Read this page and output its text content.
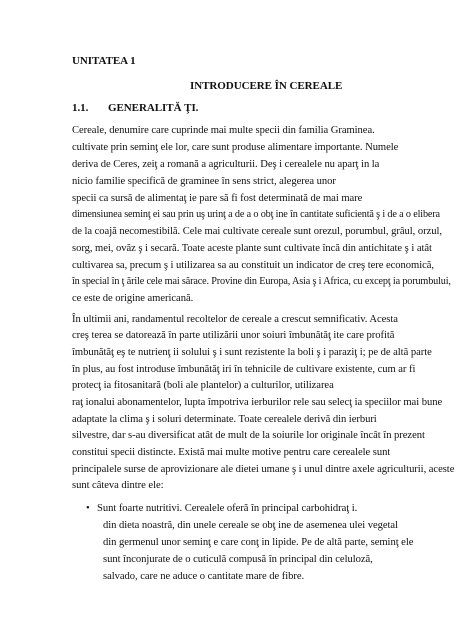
UNITATEA 1
INTRODUCERE ÎN CEREALE
1.1. GENERALITĂ ŢI.
Cereale, denumire care cuprinde mai multe specii din familia Graminea.
cultivate prin seminţ ele lor, care sunt produse alimentare importante. Numele
deriva de Ceres, zeiţ a romană a agriculturii. Deş i cerealele nu aparţ in la
nicio familie specifică de graminee în sens strict, alegerea unor
specii ca sursă de alimentaţ ie pare să fi fost determinată de mai mare
dimensiunea seminţ ei sau prin uş urinţ a de a o obţ ine în cantitate suficientă ş i de a o elibera
de la coajă necomestibilă. Cele mai cultivate cereale sunt orezul, porumbul, grâul, orzul,
sorg, mei, ovăz ş i secară. Toate aceste plante sunt cultivate încă din antichitate ş i atât
cultivarea sa, precum ş i utilizarea sa au constituit un indicator de creş tere economică,
în special în ţ ările cele mai sărace. Provine din Europa, Asia ş i Africa, cu excepţ ia porumbului,
ce este de origine americană.
În ultimii ani, randamentul recoltelor de cereale a crescut semnificativ. Acesta
creş terea se datorează în parte utilizării unor soiuri îmbunătăţ ite care profită
îmbunătăţ eş te nutrienţ ii solului ş i sunt rezistente la boli ş i paraziţ i; pe de altă parte
în plus, au fost introduse îmbunătăţ iri în tehnicile de cultivare existente, cum ar fi
protecţ ia fitosanitară (boli ale plantelor) a culturilor, utilizarea
raţ ionalui abonamentelor, lupta împotriva ierburilor rele sau selecţ ia speciilor mai bune
adaptate la clima ş i soluri determinate. Toate cerealele derivă din ierburi
silvestre, dar s-au diversificat atât de mult de la soiurile lor originale încât în prezent
constitui specii distincte. Există mai multe motive pentru care cerealele sunt
principalele surse de aprovizionare ale dietei umane ş i unul dintre axele agriculturii, aceste
sunt câteva dintre ele:
• Sunt foarte nutritivi. Cerealele oferă în principal carbohidraţ i.
din dieta noastră, din unele cereale se obţ ine de asemenea ulei vegetal
din germenul unor seminţ e care conţ in lipide. Pe de altă parte, seminţ ele
sunt înconjurate de o cuticulă compusă în principal din celuloză,
salvado, care ne aduce o cantitate mare de fibre.
